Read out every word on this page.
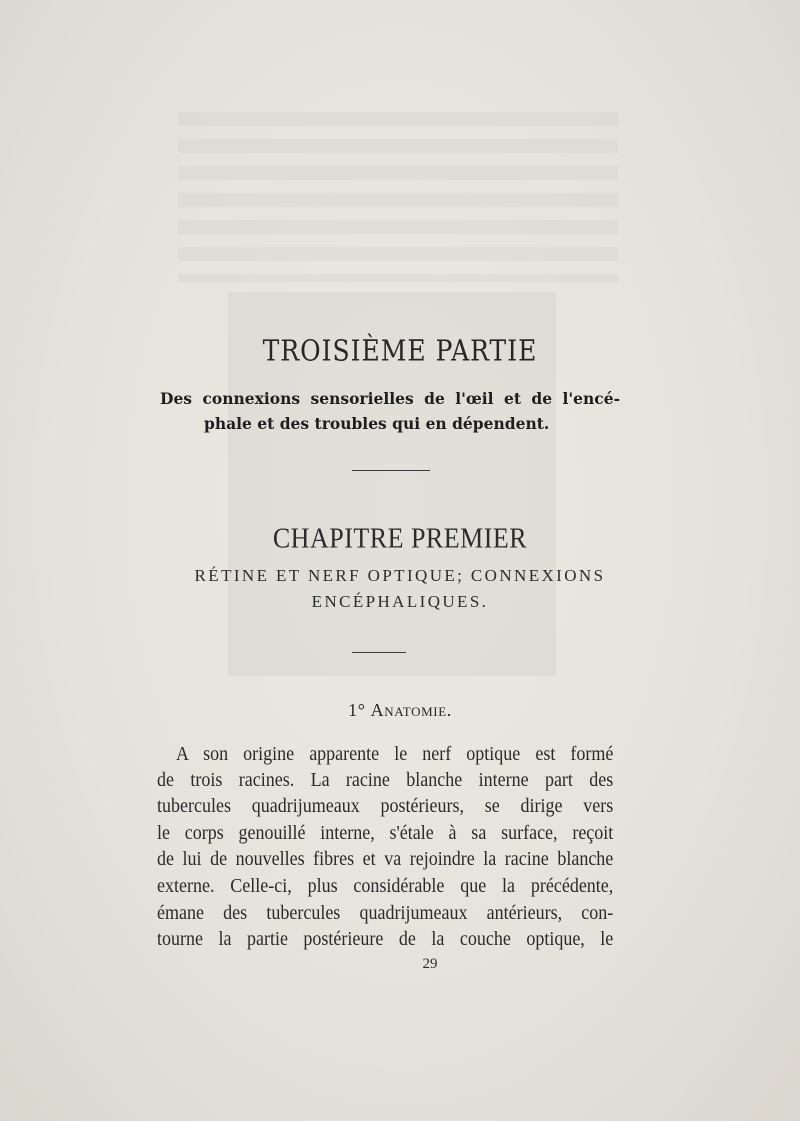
TROISIÈME PARTIE
Des connexions sensorielles de l'œil et de l'encé-
phale et des troubles qui en dépendent.
CHAPITRE PREMIER
RÉTINE ET NERF OPTIQUE; CONNEXIONS
ENCÉPHALIQUES.
1° Anatomie.
A son origine apparente le nerf optique est formé
de trois racines. La racine blanche interne part des
tubercules quadrijumeaux postérieurs, se dirige vers
le corps genouillé interne, s'étale à sa surface, reçoit
de lui de nouvelles fibres et va rejoindre la racine blanche
externe. Celle-ci, plus considérable que la précédente,
émane des tubercules quadrijumeaux antérieurs, con-
tourne la partie postérieure de la couche optique, le
29
